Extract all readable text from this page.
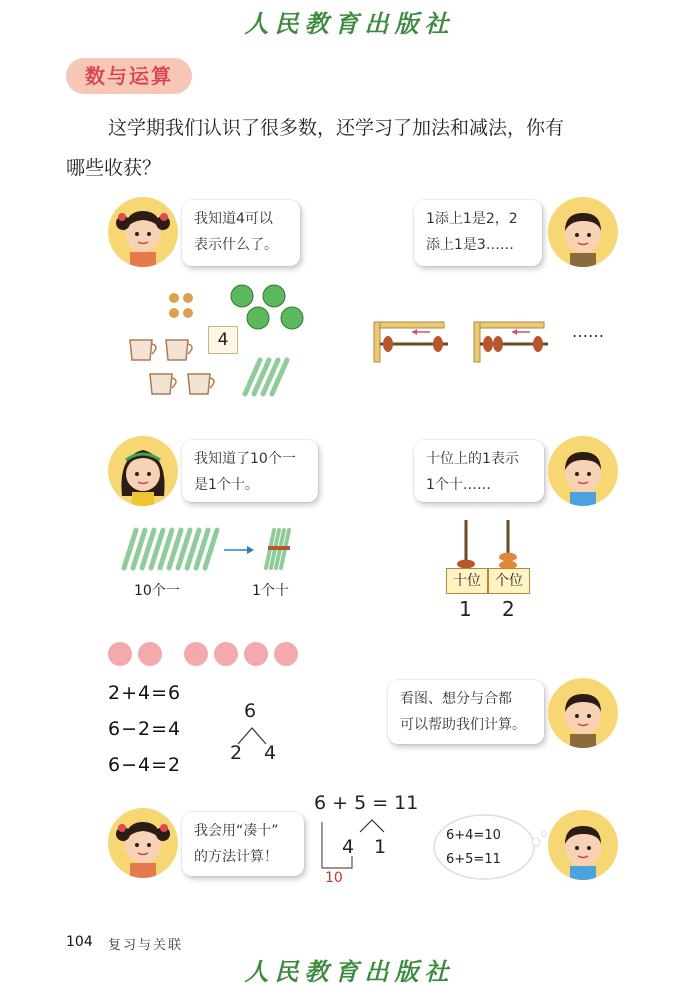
人民教育出版社
数与运算
这学期我们认识了很多数，还学习了加法和减法，你有
哪些收获？
我知道4可以
表示什么了。
1添上1是2，2
添上1是3……
4	……
我知道了10个一
是1个十。
十位上的1表示
1个十……
10个一	1个十
十位	个位
1 2
2+4=6
6−2=4
6−4=2
6
2 4
看图、想分与合都
可以帮助我们计算。
我会用“凑十”
的方法计算！
6 + 5 = 11
4 1
10
6+4=10
6+5=11
104 复习与关联
人民教育出版社
